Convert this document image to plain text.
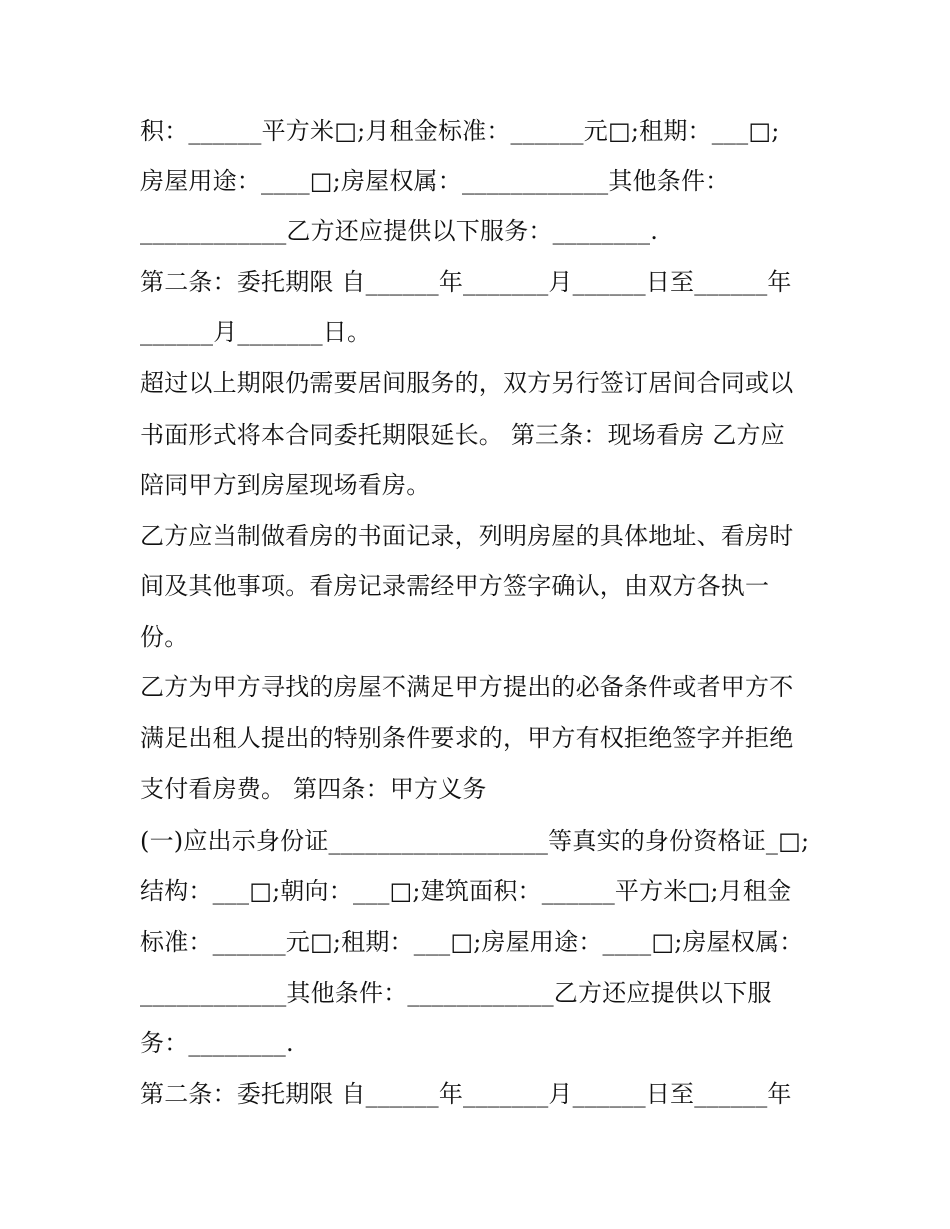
积：______平方米□;月租金标准：______元□;租期：___□;
房屋用途：____□;房屋权属：____________其他条件：
____________乙方还应提供以下服务：________.
第二条：委托期限 自______年_______月______日至______年
______月_______日。
超过以上期限仍需要居间服务的，双方另行签订居间合同或以
书面形式将本合同委托期限延长。 第三条：现场看房 乙方应
陪同甲方到房屋现场看房。
乙方应当制做看房的书面记录，列明房屋的具体地址、看房时
间及其他事项。看房记录需经甲方签字确认，由双方各执一
份。
乙方为甲方寻找的房屋不满足甲方提出的必备条件或者甲方不
满足出租人提出的特别条件要求的，甲方有权拒绝签字并拒绝
支付看房费。 第四条：甲方义务
(一)应出示身份证__________________等真实的身份资格证_□;
结构：___□;朝向：___□;建筑面积：______平方米□;月租金
标准：______元□;租期：___□;房屋用途：____□;房屋权属：
____________其他条件：____________乙方还应提供以下服
务：________.
第二条：委托期限 自______年_______月______日至______年
